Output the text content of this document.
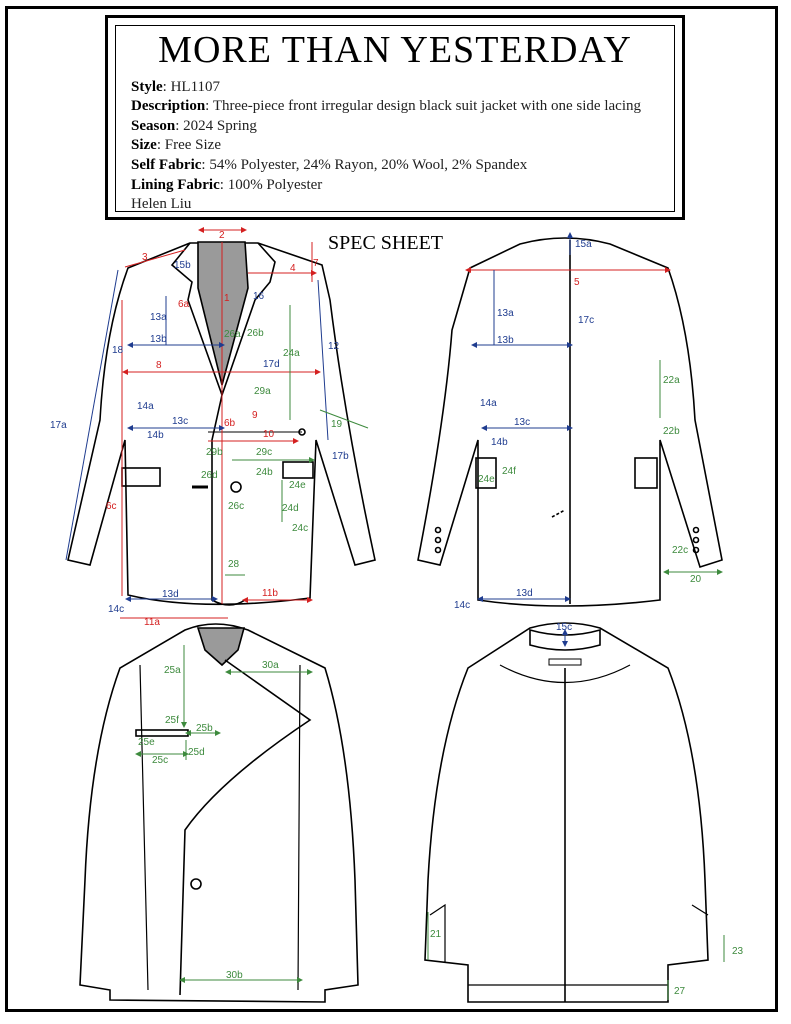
MORE THAN YESTERDAY
Style: HL1107
Description: Three-piece front irregular design black suit jacket with one side lacing
Season: 2024 Spring
Size: Free Size
Self Fabric: 54% Polyester, 24% Rayon, 20% Wool, 2% Spandex
Lining Fabric: 100% Polyester
Helen Liu
SPEC SHEET
2
3
4 7
15b
6a
1 16
13a
26a 26b
18
13b
24a
12
17d
8
29a
14a
9
19
17a	13c	6b
10
14b
29b	29c	17b
26d	24b
24e
26c	24d
24c
6c
28
13d	11b
14c
11a
15a
5
13a
17c
13b
22a
14a
13c
22b
14b
24f
24e
22c
20
13d
14c
25a	30a
25f
25b
25e
25d
25c
30b
15c
21
23
27
